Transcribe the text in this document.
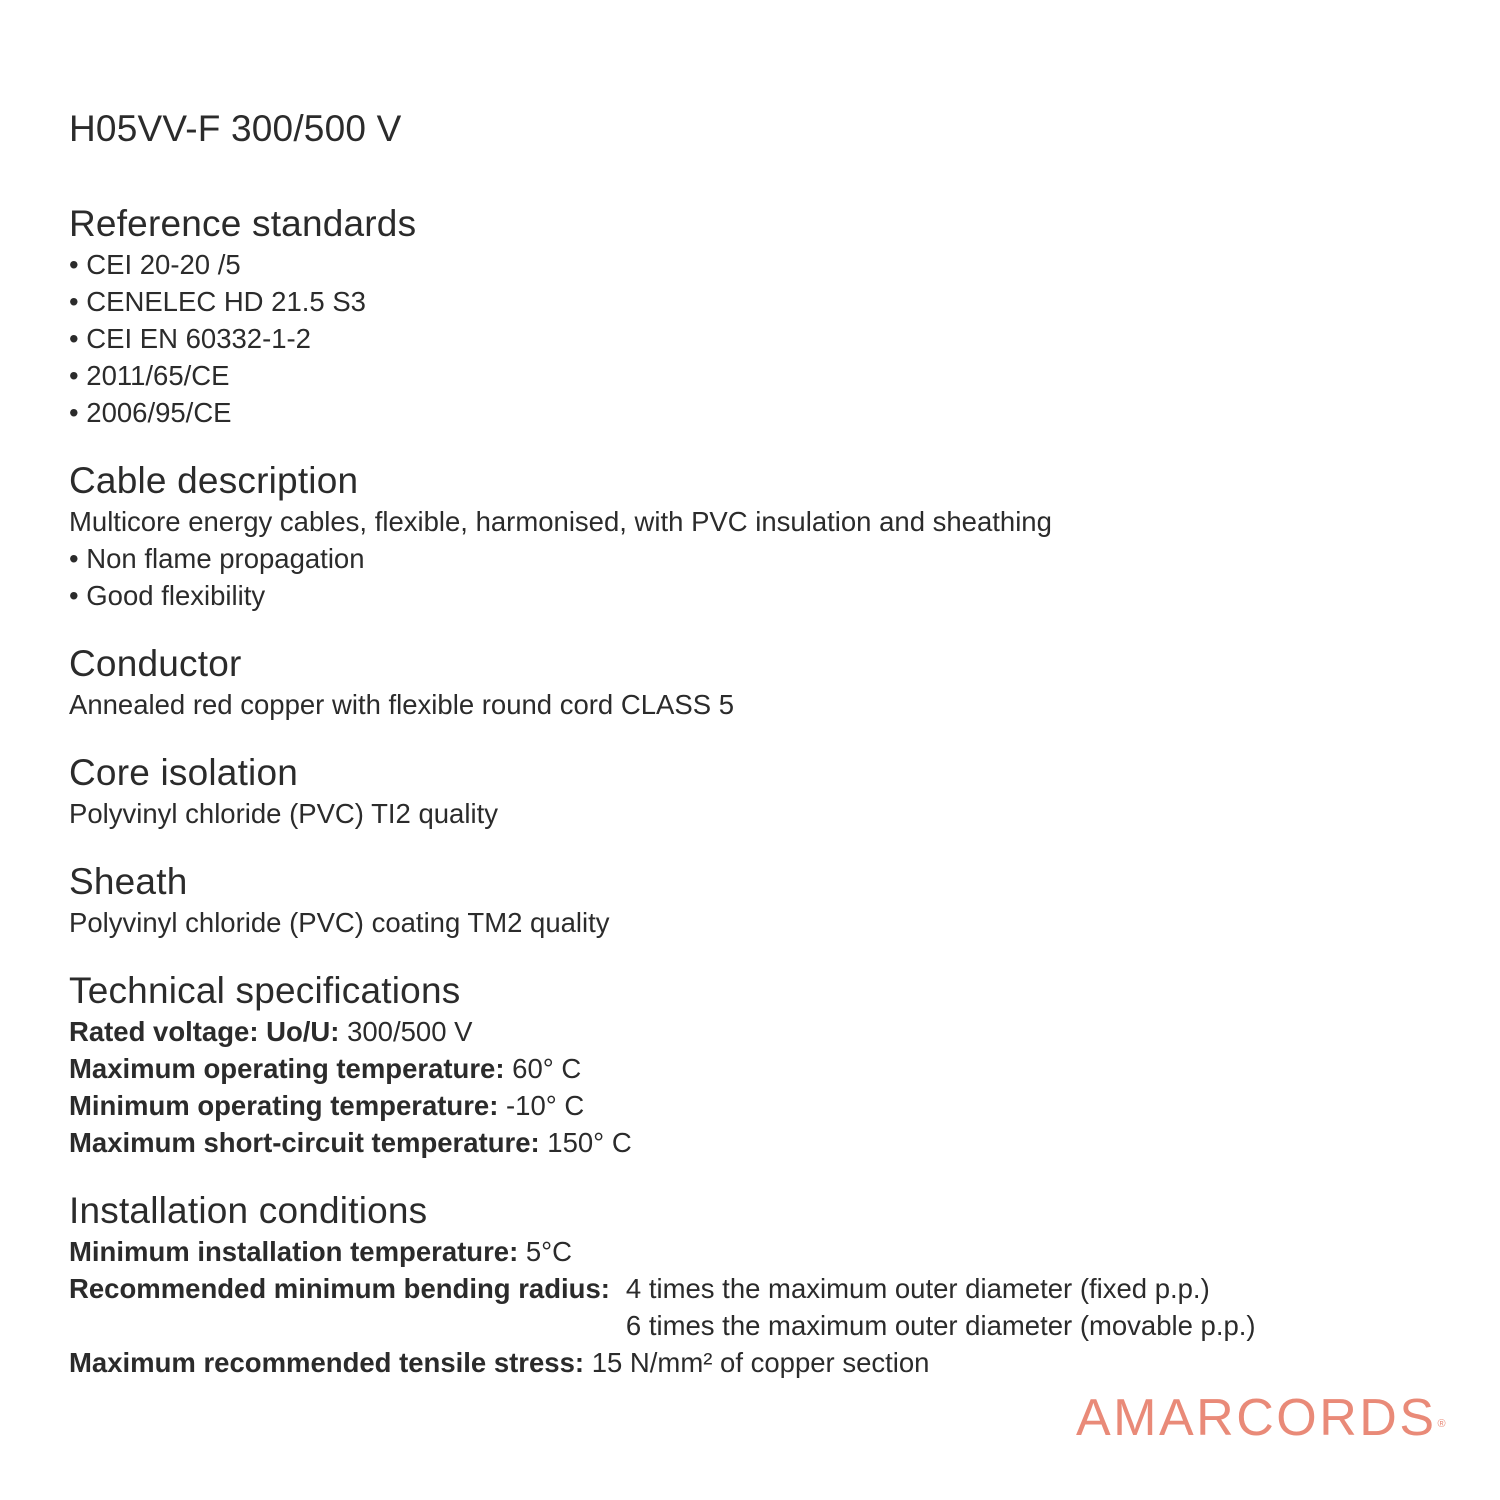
H05VV-F 300/500 V
Reference standards

• CEI 20-20 /5

• CENELEC HD 21.5 S3

• CEI EN 60332-1-2

• 2011/65/CE

• 2006/95/CE

Cable description

Multicore energy cables, flexible, harmonised, with PVC insulation and sheathing

• Non flame propagation

• Good flexibility

Conductor

Annealed red copper with flexible round cord CLASS 5

Core isolation

Polyvinyl chloride (PVC) TI2 quality

Sheath

Polyvinyl chloride (PVC) coating TM2 quality

Technical specifications

Rated voltage: Uo/U: 300/500 V

Maximum operating temperature: 60° C

Minimum operating temperature: -10° C

Maximum short-circuit temperature: 150° C

Installation conditions

Minimum installation temperature: 5°C

Recommended minimum bending radius: 4 times the maximum outer diameter (fixed p.p.)

6 times the maximum outer diameter (movable p.p.)

Maximum recommended tensile stress: 15 N/mm² of copper section

AMARCORDS®
